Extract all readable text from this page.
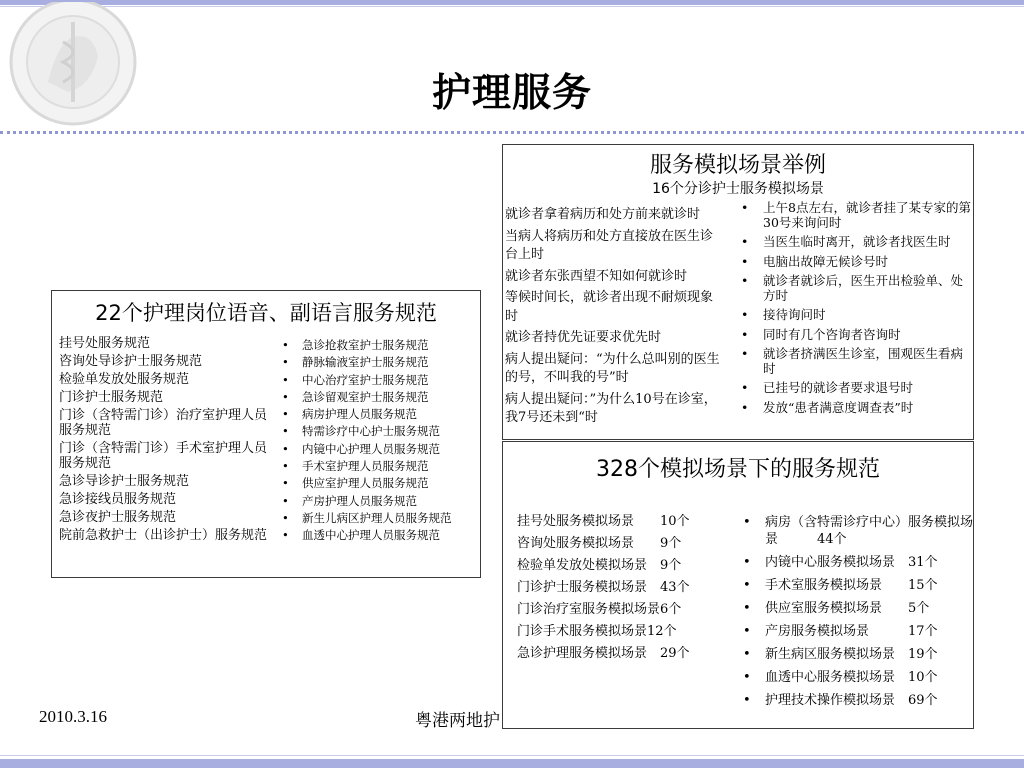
护理服务
22个护理岗位语音、副语言服务规范
挂号处服务规范
咨询处导诊护士服务规范
检验单发放处服务规范
门诊护士服务规范
门诊（含特需门诊）治疗室护理人员服务规范
门诊（含特需门诊）手术室护理人员服务规范
急诊导诊护士服务规范
急诊接线员服务规范
急诊夜护士服务规范
院前急救护士（出诊护士）服务规范
• 急诊抢救室护士服务规范
• 静脉输液室护士服务规范
• 中心治疗室护士服务规范
• 急诊留观室护士服务规范
• 病房护理人员服务规范
• 特需诊疗中心护士服务规范
• 内镜中心护理人员服务规范
• 手术室护理人员服务规范
• 供应室护理人员服务规范
• 产房护理人员服务规范
• 新生儿病区护理人员服务规范
• 血透中心护理人员服务规范
服务模拟场景举例
16个分诊护士服务模拟场景
就诊者拿着病历和处方前来就诊时
当病人将病历和处方直接放在医生诊台上时
就诊者东张西望不知如何就诊时
等候时间长，就诊者出现不耐烦现象时
就诊者持优先证要求优先时
病人提出疑问：“为什么总叫别的医生的号，不叫我的号”时
病人提出疑问：”为什么10号在诊室，我7号还未到“时
• 上午8点左右，就诊者挂了某专家的第30号来询问时
• 当医生临时离开，就诊者找医生时
• 电脑出故障无候诊号时
• 就诊者就诊后，医生开出检验单、处方时
• 接待询问时
• 同时有几个咨询者咨询时
• 就诊者挤满医生诊室，围观医生看病时
• 已挂号的就诊者要求退号时
• 发放“患者满意度调查表”时
328个模拟场景下的服务规范
挂号处服务模拟场景　　10个
咨询处服务模拟场景　　9个
检验单发放处模拟场景　9个
门诊护士服务模拟场景　43个
门诊治疗室服务模拟场景6个
门诊手术服务模拟场景12个
急诊护理服务模拟场景　29个
• 病房（含特需诊疗中心）服务模拟场景　　　44个
• 内镜中心服务模拟场景　31个
• 手术室服务模拟场景　　15个
• 供应室服务模拟场景　　5个
• 产房服务模拟场景　　　17个
• 新生病区服务模拟场景　19个
• 血透中心服务模拟场景　10个
• 护理技术操作模拟场景　69个
2010.3.16	粤港两地护
